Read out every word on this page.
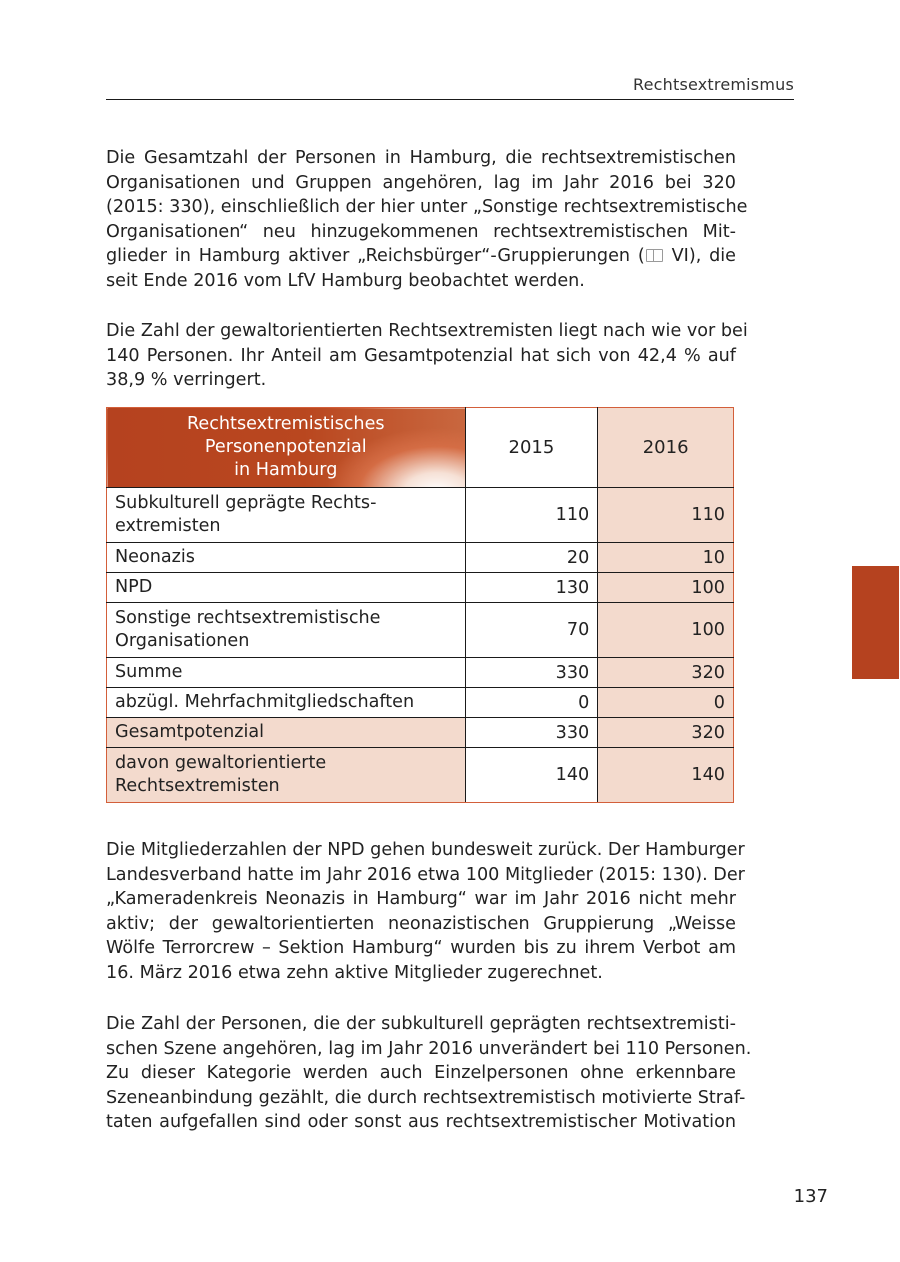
Rechtsextremismus
Die Gesamtzahl der Personen in Hamburg, die rechtsextremistischen
Organisationen und Gruppen angehören, lag im Jahr 2016 bei 320
(2015: 330), einschließlich der hier unter „Sonstige rechtsextremistische
Organisationen“ neu hinzugekommenen rechtsextremistischen Mit-
glieder in Hamburg aktiver „Reichsbürger“-Gruppierungen ( VI), die
seit Ende 2016 vom LfV Hamburg beobachtet werden.
Die Zahl der gewaltorientierten Rechtsextremisten liegt nach wie vor bei
140 Personen. Ihr Anteil am Gesamtpotenzial hat sich von 42,4 % auf
38,9 % verringert.
Rechtsextremistisches
Personenpotenzial
in Hamburg	2015	2016

Subkulturell geprägte Rechts-
extremisten	110	110
Neonazis	20	10
NPD	130	100

Sonstige rechtsextremistische
Organisationen	70	100
Summe	330	320
abzügl. Mehrfachmitgliedschaften	0	0
Gesamtpotenzial	330	320

davon gewaltorientierte
Rechtsextremisten	140	140
Die Mitgliederzahlen der NPD gehen bundesweit zurück. Der Hamburger
Landesverband hatte im Jahr 2016 etwa 100 Mitglieder (2015: 130). Der
„Kameradenkreis Neonazis in Hamburg“ war im Jahr 2016 nicht mehr
aktiv; der gewaltorientierten neonazistischen Gruppierung „Weisse
Wölfe Terrorcrew – Sektion Hamburg“ wurden bis zu ihrem Verbot am
16. März 2016 etwa zehn aktive Mitglieder zugerechnet.
Die Zahl der Personen, die der subkulturell geprägten rechtsextremisti-
schen Szene angehören, lag im Jahr 2016 unverändert bei 110 Personen.
Zu dieser Kategorie werden auch Einzelpersonen ohne erkennbare
Szeneanbindung gezählt, die durch rechtsextremistisch motivierte Straf-
taten aufgefallen sind oder sonst aus rechtsextremistischer Motivation
137
